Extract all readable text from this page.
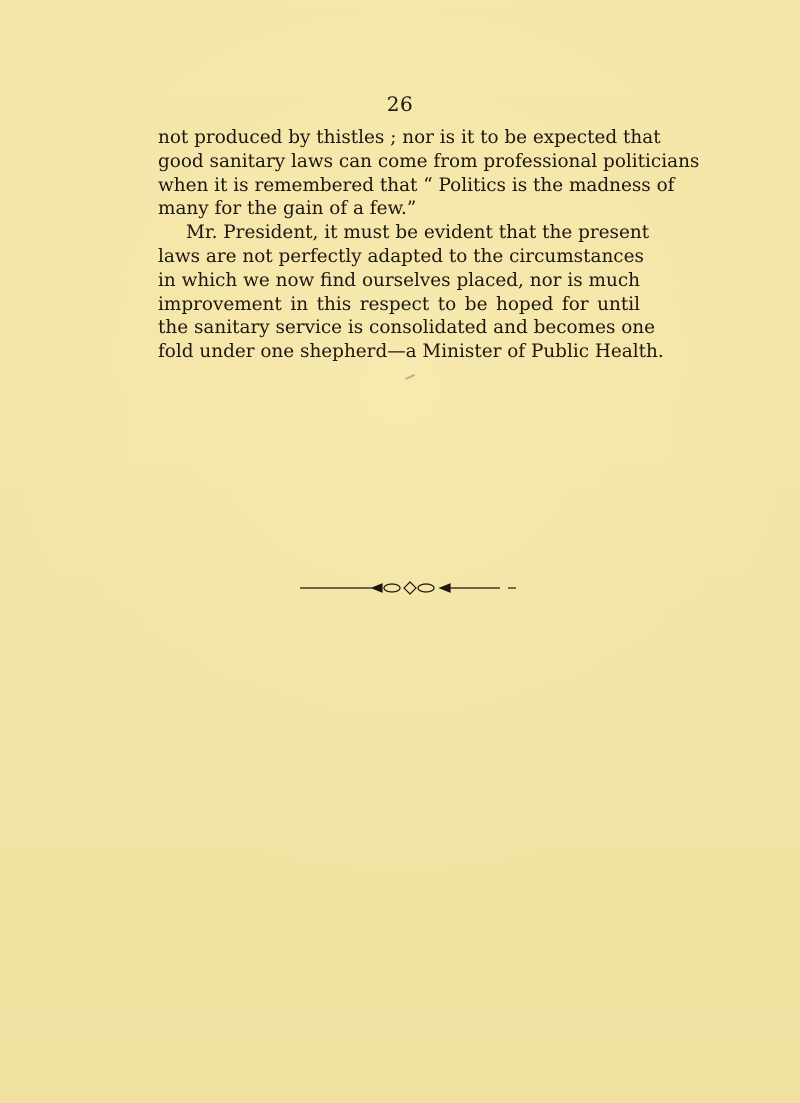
26
not produced by thistles ; nor is it to be expected that
good sanitary laws can come from professional politicians
when it is remembered that “ Politics is the madness of
many for the gain of a few.”
Mr. President, it must be evident that the present
laws are not perfectly adapted to the circumstances
in which we now find ourselves placed, nor is much
improvement in this respect to be hoped for until
the sanitary service is consolidated and becomes one
fold under one shepherd—a Minister of Public Health.
